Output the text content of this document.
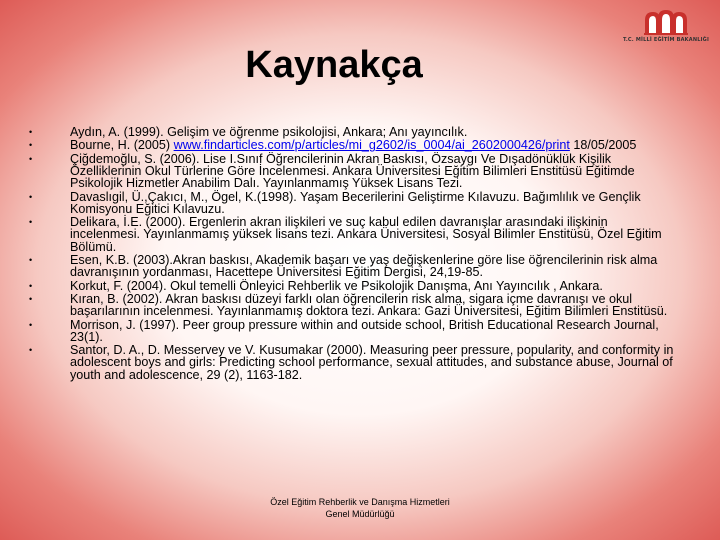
T.C. MİLLİ EĞİTİM BAKANLIĞI
Kaynakça
•	Aydın, A. (1999). Gelişim ve öğrenme psikolojisi, Ankara; Anı yayıncılık.
•	Bourne, H. (2005) www.findarticles.com/p/articles/mi_g2602/is_0004/ai_2602000426/print 18/05/2005
•	Çiğdemoğlu, S. (2006). Lise I.Sınıf Öğrencilerinin Akran Baskısı, Özsaygı Ve Dışadönüklük Kişilik Özelliklerinin Okul Türlerine Göre İncelenmesi. Ankara Üniversitesi Eğitim Bilimleri Enstitüsü Eğitimde Psikolojik Hizmetler Anabilim Dalı. Yayınlanmamış Yüksek Lisans Tezi.
•	Davaslıgil, Ü.,Çakıcı, M., Ögel, K.(1998). Yaşam Becerilerini Geliştirme Kılavuzu. Bağımlılık ve Gençlik Komisyonu Eğitici Kılavuzu.
•	Delikara, İ.E. (2000). Ergenlerin akran ilişkileri ve suç kabul edilen davranışlar arasındaki ilişkinin incelenmesi. Yayınlanmamış yüksek lisans tezi. Ankara Üniversitesi, Sosyal Bilimler Enstitüsü, Özel Eğitim Bölümü.
•	Esen, K.B. (2003).Akran baskısı, Akademik başarı ve yaş değişkenlerine göre lise öğrencilerinin risk alma davranışının yordanması, Hacettepe Üniversitesi Eğitim Dergisi, 24,19-85.
•	Korkut, F. (2004). Okul temelli Önleyici Rehberlik ve Psikolojik Danışma, Anı Yayıncılık , Ankara.
•	Kıran, B. (2002). Akran baskısı düzeyi farklı olan öğrencilerin risk alma, sigara içme davranışı ve okul başarılarının incelenmesi. Yayınlanmamış doktora tezi. Ankara: Gazi Üniversitesi, Eğitim Bilimleri Enstitüsü.
•	Morrison, J. (1997). Peer group pressure within and outside school, British Educational Research Journal, 23(1).
•	Santor, D. A., D. Messervey ve V. Kusumakar (2000). Measuring peer pressure, popularity, and conformity in adolescent boys and girls: Predicting school performance, sexual attitudes, and substance abuse, Journal of youth and adolescence, 29 (2), 1163-182.
Özel Eğitim Rehberlik ve Danışma Hizmetleri
Genel Müdürlüğü
